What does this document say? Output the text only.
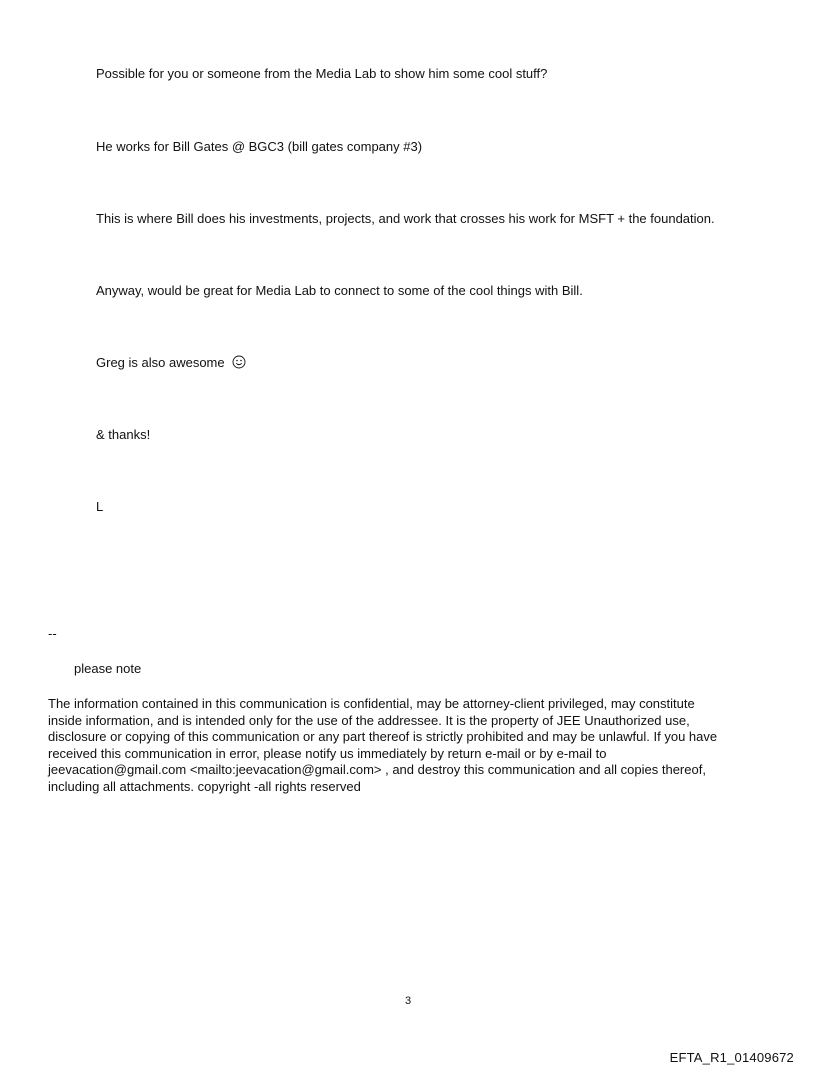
Possible for you or someone from the Media Lab to show him some cool stuff?
He works for Bill Gates @ BGC3 (bill gates company #3)
This is where Bill does his investments, projects, and work that crosses his work for MSFT + the foundation.
Anyway, would be great for Media Lab to connect to some of the cool things with Bill.
Greg is also awesome
& thanks!
L
--
please note
The information contained in this communication is confidential, may be attorney-client privileged, may constitute
inside information, and is intended only for the use of the addressee. It is the property of JEE Unauthorized use,
disclosure or copying of this communication or any part thereof is strictly prohibited and may be unlawful. If you have
received this communication in error, please notify us immediately by return e-mail or by e-mail to
jeevacation@gmail.com <mailto:jeevacation@gmail.com> , and destroy this communication and all copies thereof,
including all attachments. copyright -all rights reserved
3
EFTA_R1_01409672
